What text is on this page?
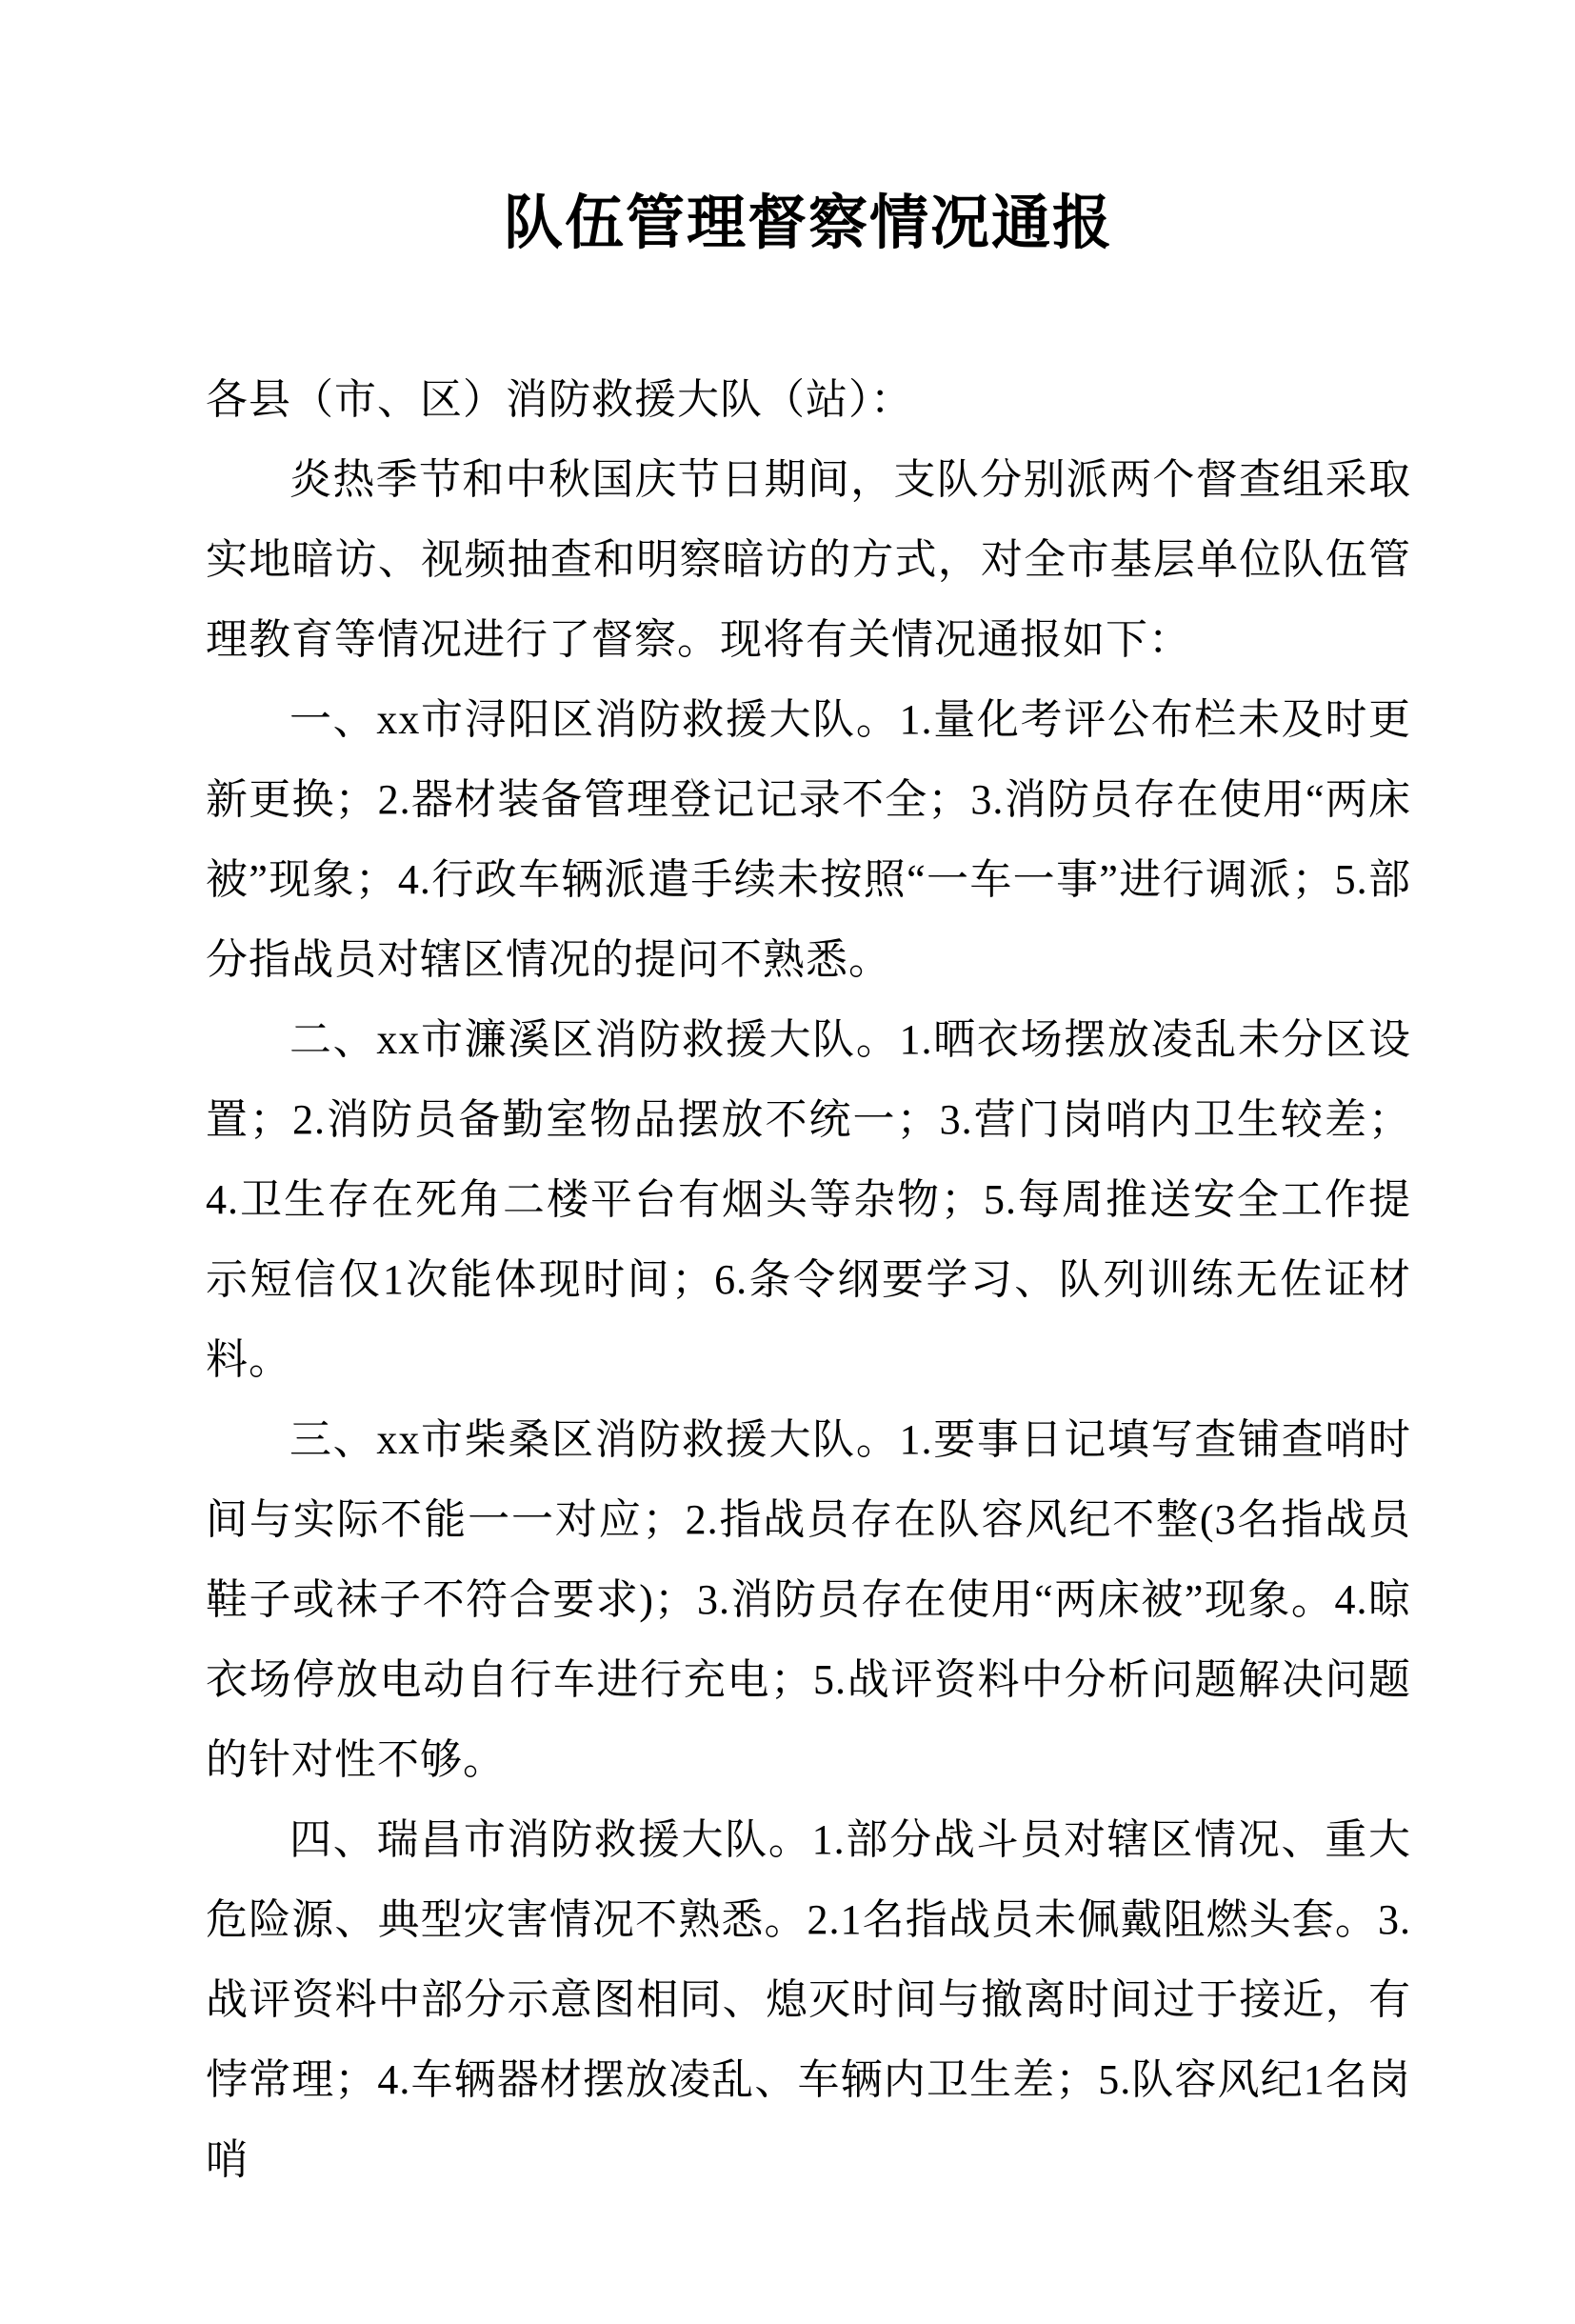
队伍管理督察情况通报

各县（市、区）消防救援大队（站）：

炎热季节和中秋国庆节日期间，支队分别派两个督查组采取实地暗访、视频抽查和明察暗访的方式，对全市基层单位队伍管理教育等情况进行了督察。现将有关情况通报如下：

一、xx市浔阳区消防救援大队。1.量化考评公布栏未及时更新更换；2.器材装备管理登记记录不全；3.消防员存在使用“两床被”现象；4.行政车辆派遣手续未按照“一车一事”进行调派；5.部分指战员对辖区情况的提问不熟悉。

二、xx市濂溪区消防救援大队。1.晒衣场摆放凌乱未分区设置；2.消防员备勤室物品摆放不统一；3.营门岗哨内卫生较差；4.卫生存在死角二楼平台有烟头等杂物；5.每周推送安全工作提示短信仅1次能体现时间；6.条令纲要学习、队列训练无佐证材料。

三、xx市柴桑区消防救援大队。1.要事日记填写查铺查哨时间与实际不能一一对应；2.指战员存在队容风纪不整(3名指战员鞋子或袜子不符合要求)；3.消防员存在使用“两床被”现象。4.晾衣场停放电动自行车进行充电；5.战评资料中分析问题解决问题的针对性不够。

四、瑞昌市消防救援大队。1.部分战斗员对辖区情况、重大危险源、典型灾害情况不熟悉。2.1名指战员未佩戴阻燃头套。3.战评资料中部分示意图相同、熄灭时间与撤离时间过于接近，有悖常理；4.车辆器材摆放凌乱、车辆内卫生差；5.队容风纪1名岗哨
